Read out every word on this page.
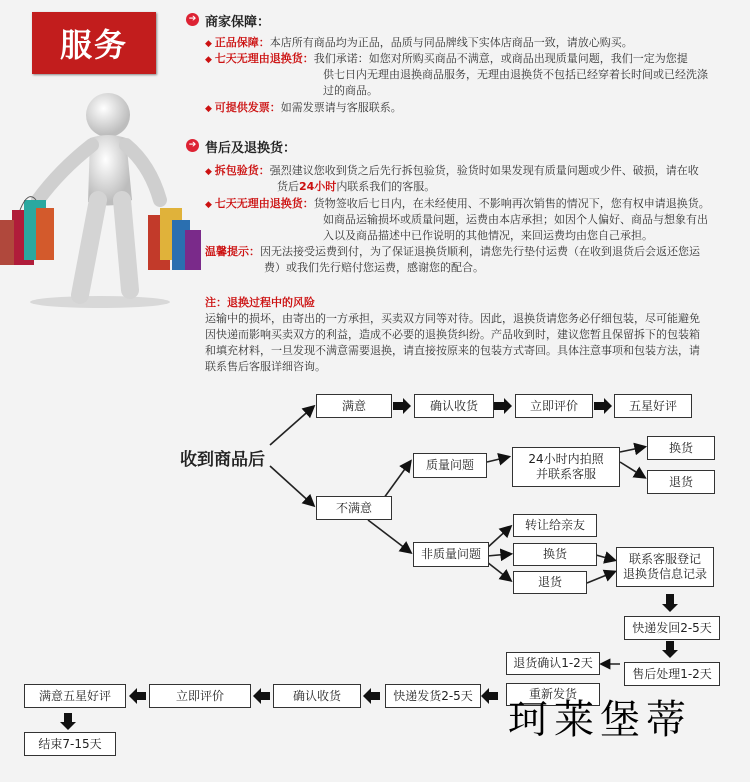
服务
➔ 商家保障：
◆ 正品保障：本店所有商品均为正品，品质与同品牌线下实体店商品一致，请放心购买。
◆ 七天无理由退换货：我们承诺：如您对所购买商品不满意，或商品出现质量问题，我们一定为您提
供七日内无理由退换商品服务，无理由退换货不包括已经穿着长时间或已经洗涤
过的商品。
◆ 可提供发票：如需发票请与客服联系。
➔ 售后及退换货：
◆ 拆包验货：强烈建议您收到货之后先行拆包验货，验货时如果发现有质量问题或少件、破损，请在收
货后24小时内联系我们的客服。
◆ 七天无理由退换货：货物签收后七日内，在未经使用、不影响再次销售的情况下，您有权申请退换货。
如商品运输损坏或质量问题，运费由本店承担；如因个人偏好、商品与想象有出
入以及商品描述中已作说明的其他情况，来回运费均由您自己承担。
温馨提示：因无法接受运费到付，为了保证退换货顺利，请您先行垫付运费（在收到退货后会返还您运
费）或我们先行赔付您运费，感谢您的配合。
注：退换过程中的风险
运输中的损坏，由寄出的一方承担，买卖双方同等对待。因此，退换货请您务必仔细包装，尽可能避免
因快递而影响买卖双方的利益，造成不必要的退换货纠纷。产品收到时，建议您暂且保留拆下的包装箱
和填充材料，一旦发现不满意需要退换，请直接按原来的包装方式寄回。具体注意事项和包装方法，请
联系售后客服详细咨询。
收到商品后
满意	确认收货	立即评价	五星好评
不满意
质量问题	24小时内拍照
并联系客服
换货
退货
非质量问题
转让给亲友
换货
退货
联系客服登记
退换货信息记录
快递发回2-5天
售后处理1-2天
退货确认1-2天
重新发货
快递发货2-5天
确认收货
立即评价
满意五星好评
结束7-15天
珂莱堡蒂
